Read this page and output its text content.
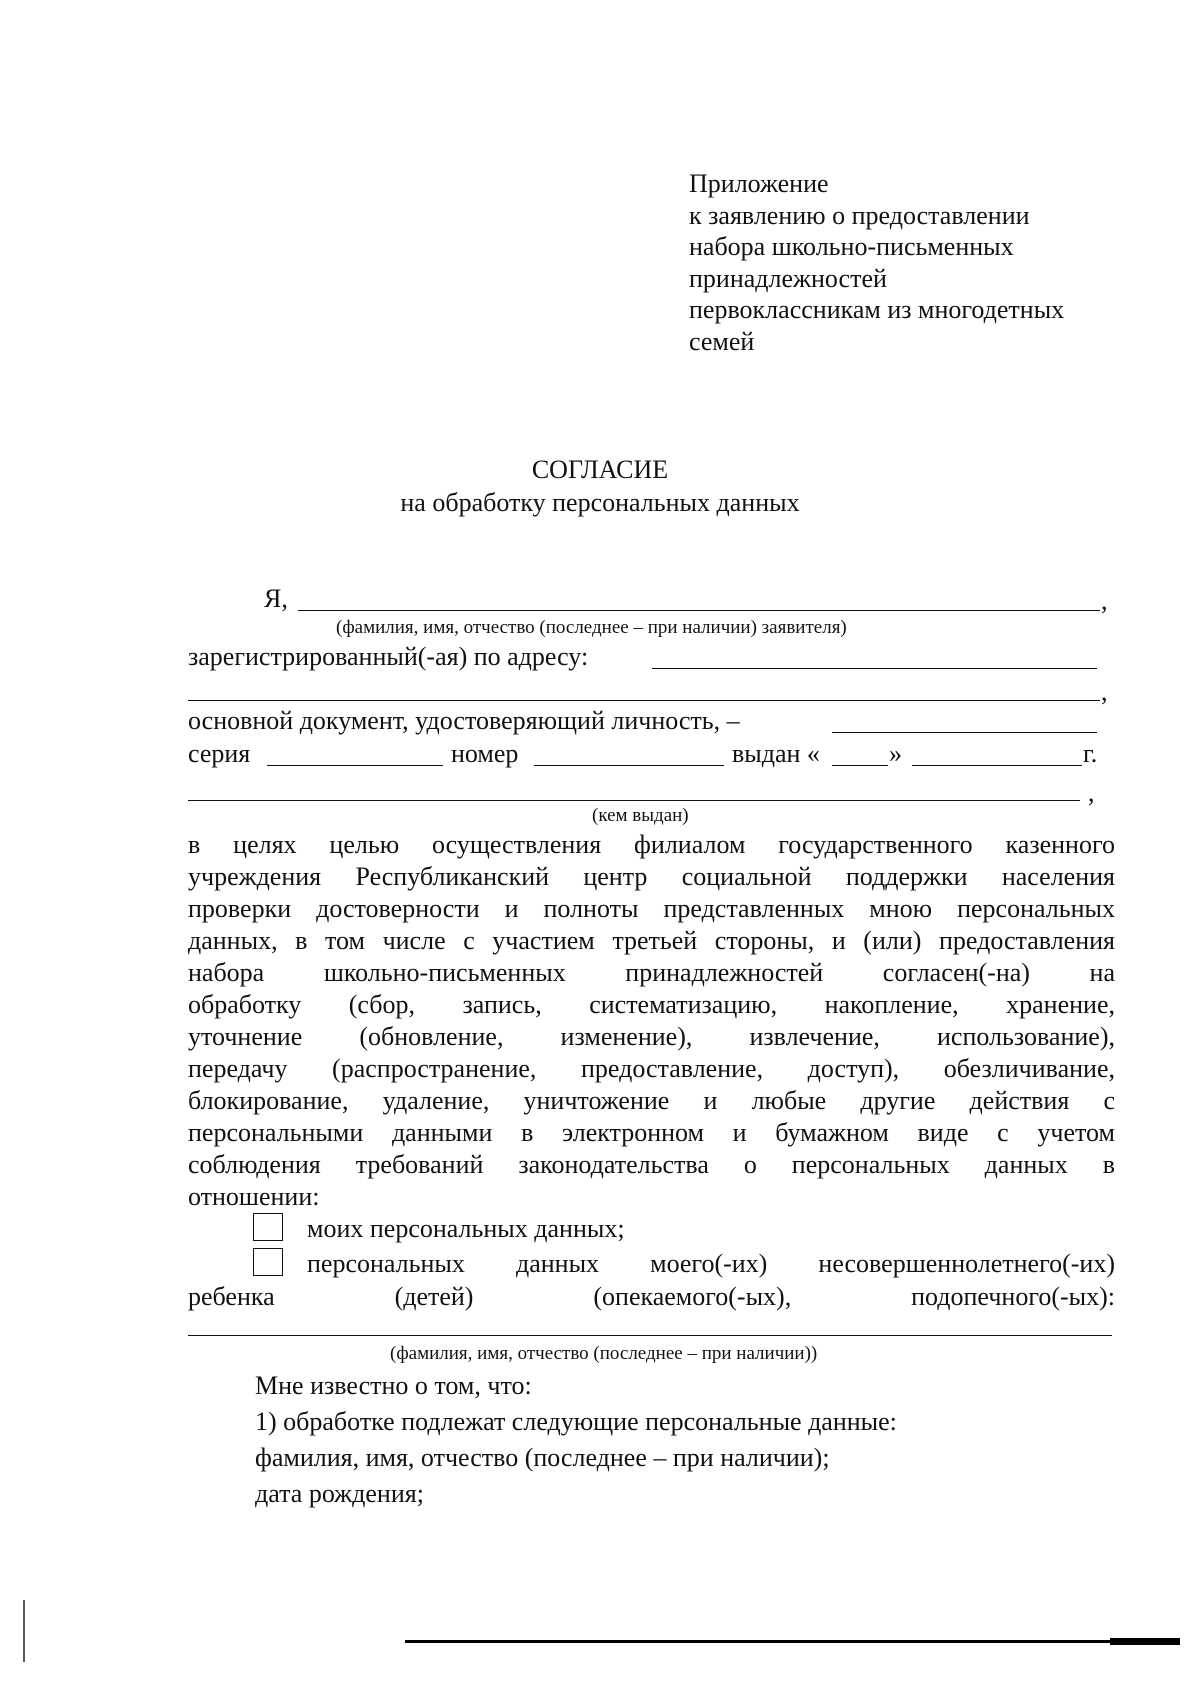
Приложение
к заявлению о предоставлении
набора школьно-письменных
принадлежностей
первоклассникам из многодетных
семей
СОГЛАСИЕ
на обработку персональных данных
Я,	,
(фамилия, имя, отчество (последнее – при наличии) заявителя)
зарегистрированный(-ая) по адресу:
,
основной документ, удостоверяющий личность, –
серия	номер	выдан «	»	г.
,
(кем выдан)
в целях целью осуществления филиалом государственного казенного
учреждения Республиканский центр социальной поддержки населения
проверки достоверности и полноты представленных мною персональных
данных, в том числе с участием третьей стороны, и (или) предоставления
набора школьно-письменных принадлежностей согласен(-на) на
обработку (сбор, запись, систематизацию, накопление, хранение,
уточнение (обновление, изменение), извлечение, использование),
передачу (распространение, предоставление, доступ), обезличивание,
блокирование, удаление, уничтожение и любые другие действия с
персональными данными в электронном и бумажном виде с учетом
соблюдения требований законодательства о персональных данных в
отношении:
моих персональных данных;
персональных данных моего(-их) несовершеннолетнего(-их)
ребенка (детей) (опекаемого(-ых), подопечного(-ых):
(фамилия, имя, отчество (последнее – при наличии))
Мне известно о том, что:
1) обработке подлежат следующие персональные данные:
фамилия, имя, отчество (последнее – при наличии);
дата рождения;
